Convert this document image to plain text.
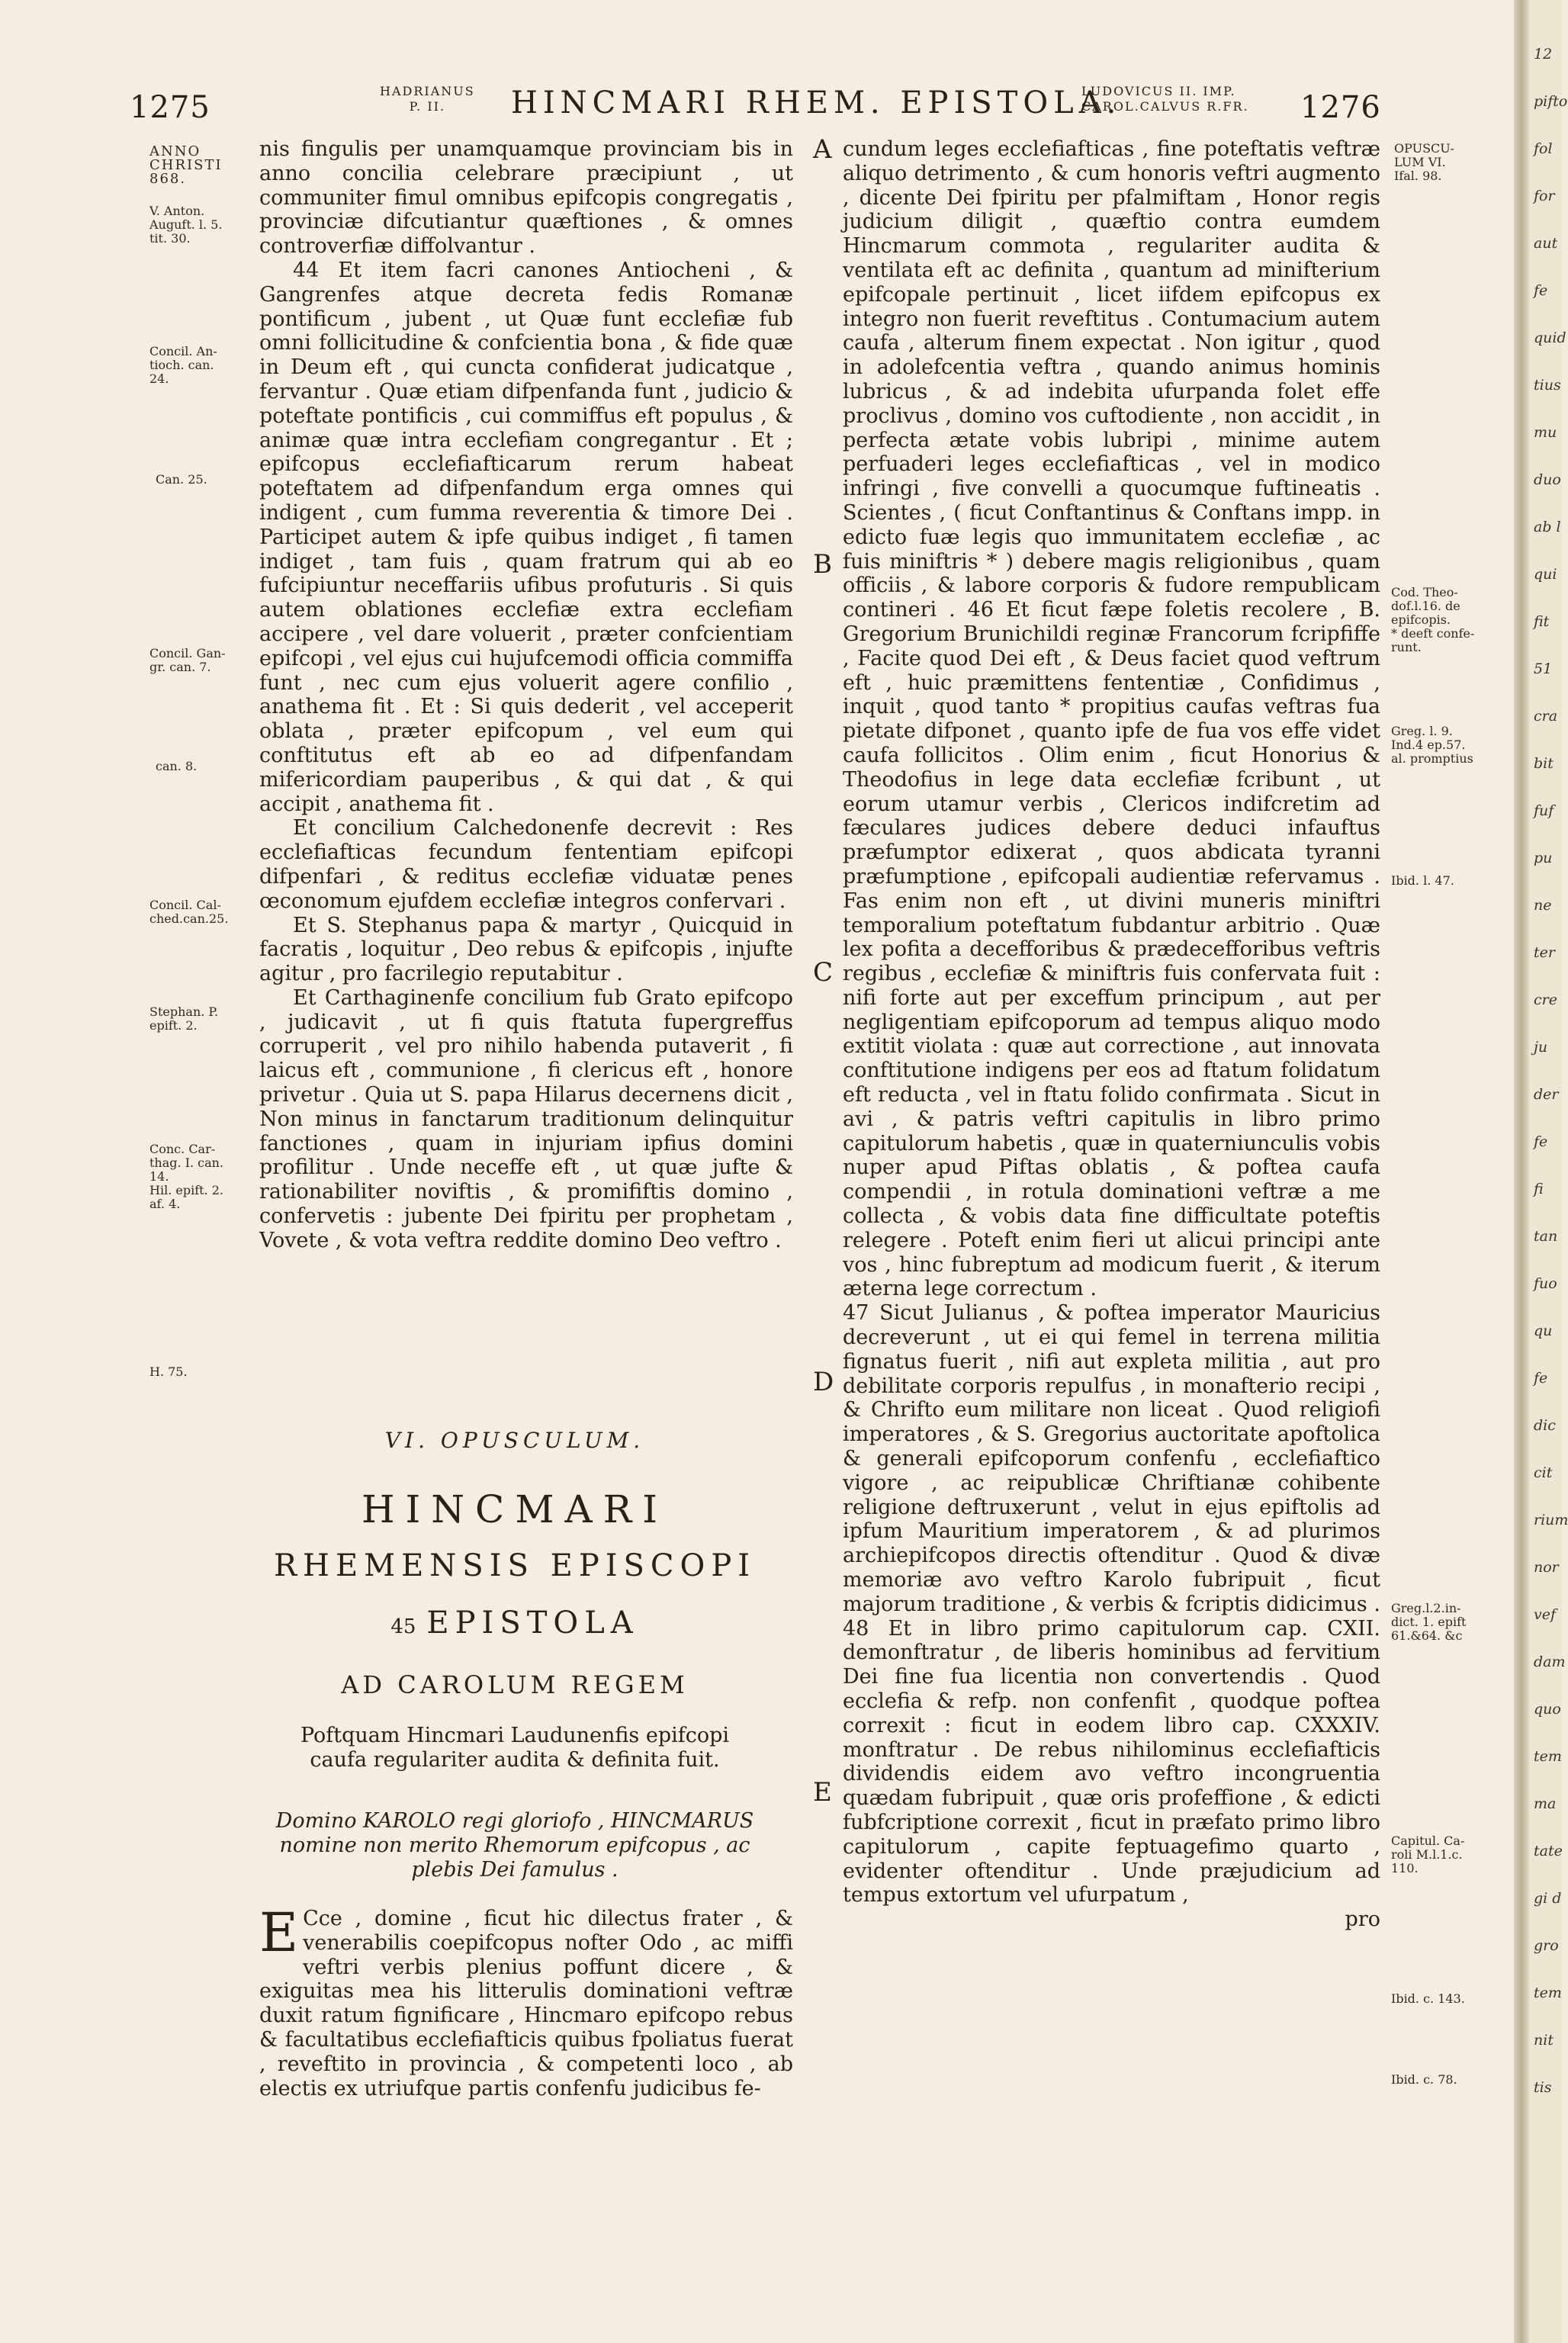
1275	HADRIANUS
P. II.	HINCMARI RHEM. EPISTOLA.
LUDOVICUS II. IMP.
CAROL.CALVUS R.FR. 1276
ANNO
CHRISTI
868.
V. Anton.
Auguft. l. 5.
tit. 30.
Concil. An-
tioch. can.
24.
Can. 25.
Concil. Gan-
gr. can. 7.
can. 8.
Concil. Cal-
ched.can.25.
Stephan. P.
epift. 2.
Conc. Car-
thag. I. can.
14.
Hil. epift. 2.
af. 4.
H. 75.

nis fingulis per unamquamque provinciam bis in anno concilia celebrare præcipiunt , ut communiter fimul omnibus epifcopis congregatis , provinciæ difcutiantur quæftiones , & omnes controverfiæ diffolvantur .

44 Et item facri canones Antiocheni , & Gangrenfes atque decreta fedis Romanæ pontificum , jubent , ut Quæ funt ecclefiæ fub omni follicitudine & confcientia bona , & fide quæ in Deum eft , qui cuncta confiderat judicatque , fervantur . Quæ etiam difpenfanda funt , judicio & poteftate pontificis , cui commiffus eft populus , & animæ quæ intra ecclefiam congregantur . Et ; epifcopus ecclefiafticarum rerum habeat poteftatem ad difpenfandum erga omnes qui indigent , cum fumma reverentia & timore Dei . Participet autem & ipfe quibus indiget , fi tamen indiget , tam fuis , quam fratrum qui ab eo fufcipiuntur neceffariis ufibus profuturis . Si quis autem oblationes ecclefiæ extra ecclefiam accipere , vel dare voluerit , præter confcientiam epifcopi , vel ejus cui hujufcemodi officia commiffa funt , nec cum ejus voluerit agere confilio , anathema fit . Et : Si quis dederit , vel acceperit oblata , præter epifcopum , vel eum qui conftitutus eft ab eo ad difpenfandam mifericordiam pauperibus , & qui dat , & qui accipit , anathema fit .

Et concilium Calchedonenfe decrevit : Res ecclefiafticas fecundum fententiam epifcopi difpenfari , & reditus ecclefiæ viduatæ penes œconomum ejufdem ecclefiæ integros confervari .

Et S. Stephanus papa & martyr , Quicquid in facratis , loquitur , Deo rebus & epifcopis , injufte agitur , pro facrilegio reputabitur .

Et Carthaginenfe concilium fub Grato epifcopo , judicavit , ut fi quis ftatuta fupergreffus corruperit , vel pro nihilo habenda putaverit , fi laicus eft , communione , fi clericus eft , honore privetur . Quia ut S. papa Hilarus decernens dicit , Non minus in fanctarum traditionum delinquitur fanctiones , quam in injuriam ipfius domini profilitur . Unde neceffe eft , ut quæ jufte & rationabiliter noviftis , & promififtis domino , confervetis : jubente Dei fpiritu per prophetam , Vovete , & vota veftra reddite domino Deo veftro .

VI. OPUSCULUM.
HINCMARI
RHEMENSIS EPISCOPI
45 EPISTOLA
AD CAROLUM REGEM
Poftquam Hincmari Laudunenfis epifcopi caufa regulariter audita & definita fuit.
Domino KAROLO regi gloriofo , HINCMARUS nomine non merito Rhemorum epifcopus , ac plebis Dei famulus .
E Cce , domine , ficut hic dilectus frater , & venerabilis coepifcopus nofter Odo , ac miffi veftri verbis plenius poffunt dicere , & exiguitas mea his litterulis dominationi veftræ duxit ratum fignificare , Hincmaro epifcopo rebus & facultatibus ecclefiafticis quibus fpoliatus fuerat , reveftito in provincia , & competenti loco , ab electis ex utriufque partis confenfu judicibus fe-

A
B
C
D
E

cundum leges ecclefiafticas , fine poteftatis veftræ aliquo detrimento , & cum honoris veftri augmento , dicente Dei fpiritu per pfalmiftam , Honor regis judicium diligit , quæftio contra eumdem Hincmarum commota , regulariter audita & ventilata eft ac definita , quantum ad minifterium epifcopale pertinuit , licet iifdem epifcopus ex integro non fuerit reveftitus . Contumacium autem caufa , alterum finem expectat . Non igitur , quod in adolefcentia veftra , quando animus hominis lubricus , & ad indebita ufurpanda folet effe proclivus , domino vos cuftodiente , non accidit , in perfecta ætate vobis lubripi , minime autem perfuaderi leges ecclefiafticas , vel in modico infringi , five convelli a quocumque fuftineatis . Scientes , ( ficut Conftantinus & Conftans impp. in edicto fuæ legis quo immunitatem ecclefiæ , ac fuis miniftris * ) debere magis religionibus , quam officiis , & labore corporis & fudore rempublicam contineri . 46 Et ficut fæpe foletis recolere , B. Gregorium Brunichildi reginæ Francorum fcripfiffe , Facite quod Dei eft , & Deus faciet quod veftrum eft , huic præmittens fententiæ , Confidimus , inquit , quod tanto * propitius caufas veftras fua pietate difponet , quanto ipfe de fua vos effe videt caufa follicitos . Olim enim , ficut Honorius & Theodofius in lege data ecclefiæ fcribunt , ut eorum utamur verbis , Clericos indifcretim ad fæculares judices debere deduci infauftus præfumptor edixerat , quos abdicata tyranni præfumptione , epifcopali audientiæ refervamus . Fas enim non eft , ut divini muneris miniftri temporalium poteftatum fubdantur arbitrio . Quæ lex pofita a decefforibus & prædecefforibus veftris regibus , ecclefiæ & miniftris fuis confervata fuit : nifi forte aut per exceffum principum , aut per negligentiam epifcoporum ad tempus aliquo modo extitit violata : quæ aut correctione , aut innovata conftitutione indigens per eos ad ftatum folidatum eft reducta , vel in ftatu folido confirmata . Sicut in avi , & patris veftri capitulis in libro primo capitulorum habetis , quæ in quaterniunculis vobis nuper apud Piftas oblatis , & poftea caufa compendii , in rotula dominationi veftræ a me collecta , & vobis data fine difficultate poteftis relegere . Poteft enim fieri ut alicui principi ante vos , hinc fubreptum ad modicum fuerit , & iterum æterna lege correctum .

47 Sicut Julianus , & poftea imperator Mauricius decreverunt , ut ei qui femel in terrena militia fignatus fuerit , nifi aut expleta militia , aut pro debilitate corporis repulfus , in monafterio recipi , & Chrifto eum militare non liceat . Quod religiofi imperatores , & S. Gregorius auctoritate apoftolica & generali epifcoporum confenfu , ecclefiaftico vigore , ac reipublicæ Chriftianæ cohibente religione deftruxerunt , velut in ejus epiftolis ad ipfum Mauritium imperatorem , & ad plurimos archiepifcopos directis oftenditur . Quod & divæ memoriæ avo veftro Karolo fubripuit , ficut majorum traditione , & verbis & fcriptis didicimus . 48 Et in libro primo capitulorum cap. CXII. demonftratur , de liberis hominibus ad fervitium Dei fine fua licentia non convertendis . Quod ecclefia & refp. non confenfit , quodque poftea correxit : ficut in eodem libro cap. CXXXIV. monftratur . De rebus nihilominus ecclefiafticis dividendis eidem avo veftro incongruentia quædam fubripuit , quæ oris profeffione , & edicti fubfcriptione correxit , ficut in præfato primo libro capitulorum , capite feptuagefimo quarto , evidenter oftenditur . Unde præjudicium ad tempus extortum vel ufurpatum ,

pro

OPUSCU-
LUM VI.
Ifal. 98.
Cod. Theo-
dof.l.16. de
epifcopis.
* deeft confe-
runt.
Greg. l. 9.
Ind.4 ep.57.
al. promptius
Ibid. l. 47.
Greg.l.2.in-
dict. 1. epift
61.&64. &c
Capitul. Ca-
roli M.l.1.c.
110.
Ibid. c. 143.
Ibid. c. 78.
12
pifto
fol
for
aut
fe
quid
tius
mu
duo
ab l
qui
fit
51
cra
bit
fuf
pu
ne
ter
cre
ju
der
fe
fi
tan
fuo
qu
fe
dic
cit
rium
nor
vef
dam
quo
tem
ma
tate
gi d
gro
tem
nit
tis
